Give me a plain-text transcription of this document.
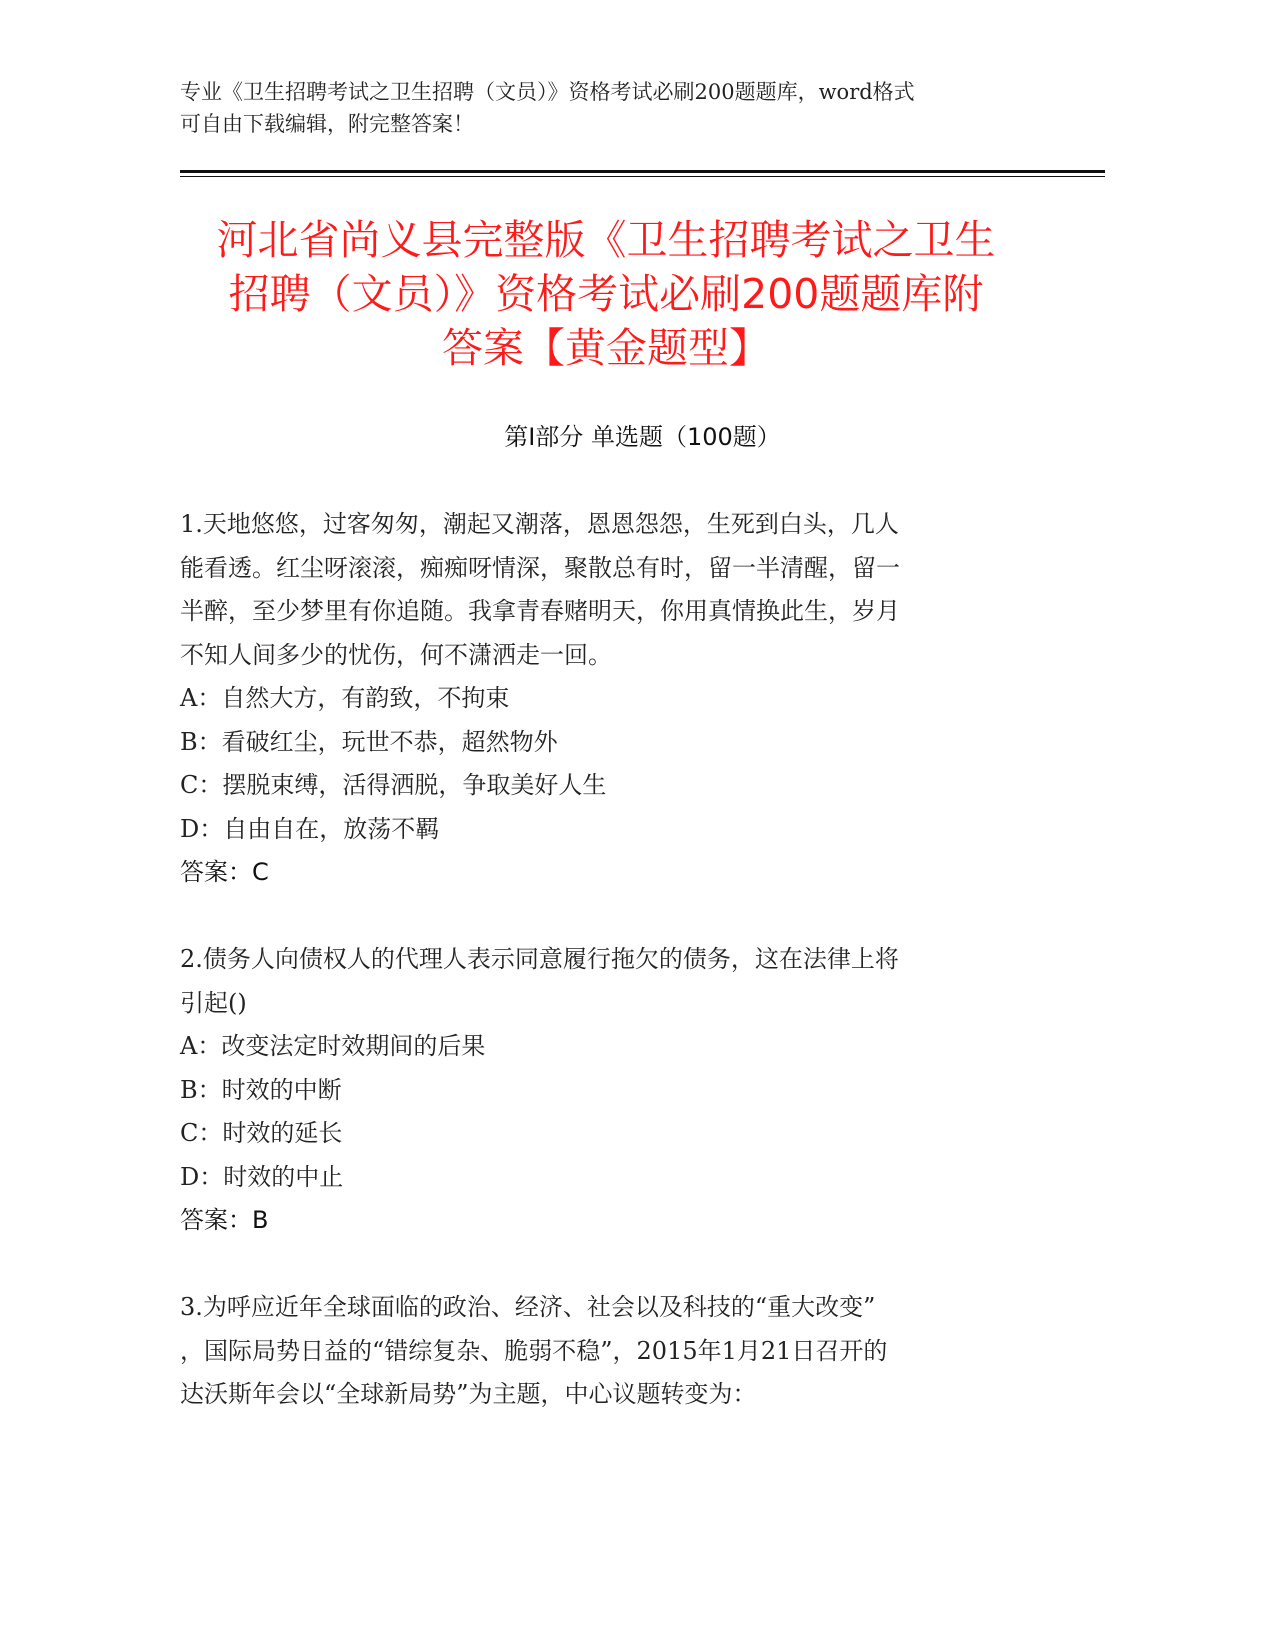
专业《卫生招聘考试之卫生招聘（文员）》资格考试必刷200题题库，word格式
可自由下载编辑，附完整答案！
河北省尚义县完整版《卫生招聘考试之卫生
招聘（文员）》资格考试必刷200题题库附
答案【黄金题型】
第Ⅰ部分 单选题（100题）
1.天地悠悠，过客匆匆，潮起又潮落，恩恩怨怨，生死到白头，几人
能看透。红尘呀滚滚，痴痴呀情深，聚散总有时，留一半清醒，留一
半醉，至少梦里有你追随。我拿青春赌明天，你用真情换此生，岁月
不知人间多少的忧伤，何不潇洒走一回。
A：自然大方，有韵致，不拘束
B：看破红尘，玩世不恭，超然物外
C：摆脱束缚，活得洒脱，争取美好人生
D：自由自在，放荡不羁
答案：C
2.债务人向债权人的代理人表示同意履行拖欠的债务，这在法律上将
引起()
A：改变法定时效期间的后果
B：时效的中断
C：时效的延长
D：时效的中止
答案：B
3.为呼应近年全球面临的政治、经济、社会以及科技的“重大改变”
，国际局势日益的“错综复杂、脆弱不稳”，2015年1月21日召开的
达沃斯年会以“全球新局势”为主题，中心议题转变为：
